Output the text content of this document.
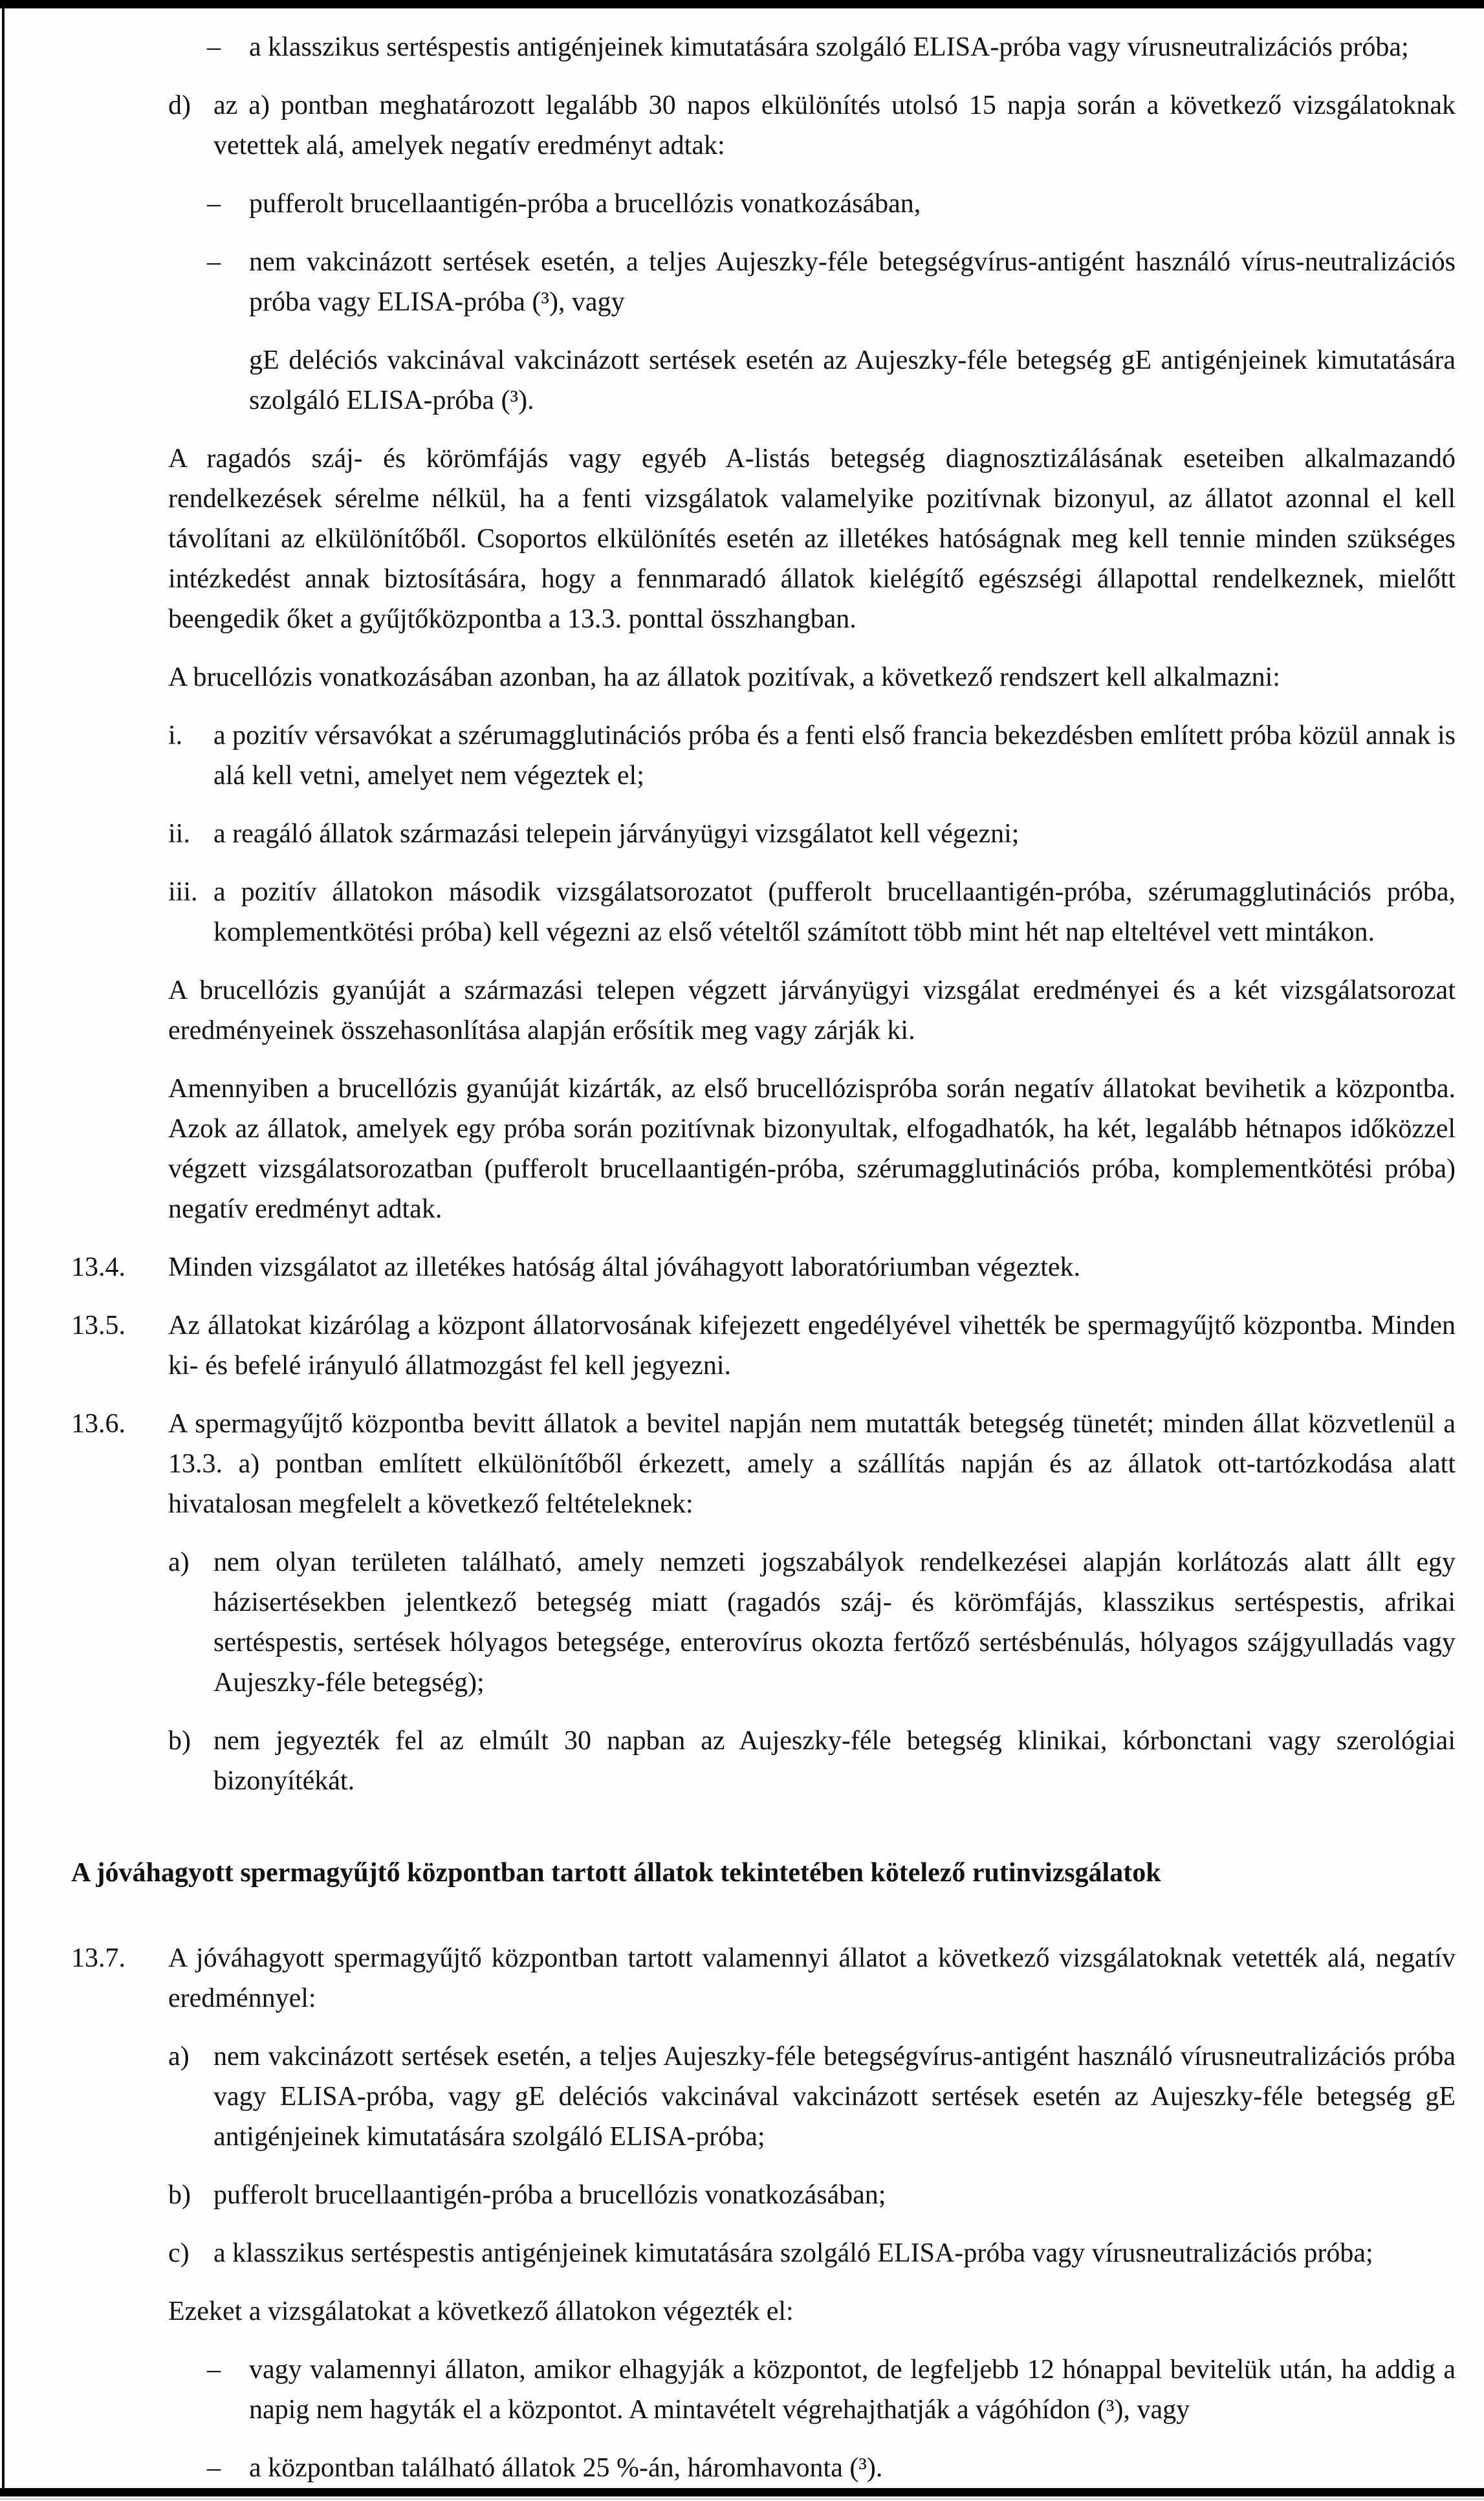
– a klasszikus sertéspestis antigénjeinek kimutatására szolgáló ELISA-próba vagy vírusneutralizációs próba;
d) az a) pontban meghatározott legalább 30 napos elkülönítés utolsó 15 napja során a következő vizsgálatoknak vetettek alá, amelyek negatív eredményt adtak:
– pufferolt brucellaantigén-próba a brucellózis vonatkozásában,
– nem vakcinázott sertések esetén, a teljes Aujeszky-féle betegségvírus-antigént használó vírus-neutralizációs próba vagy ELISA-próba (³), vagy
gE deléciós vakcinával vakcinázott sertések esetén az Aujeszky-féle betegség gE antigénjeinek kimutatására szolgáló ELISA-próba (³).
A ragadós száj- és körömfájás vagy egyéb A-listás betegség diagnosztizálásának eseteiben alkalmazandó rendelkezések sérelme nélkül, ha a fenti vizsgálatok valamelyike pozitívnak bizonyul, az állatot azonnal el kell távolítani az elkülönítőből. Csoportos elkülönítés esetén az illetékes hatóságnak meg kell tennie minden szükséges intézkedést annak biztosítására, hogy a fennmaradó állatok kielégítő egészségi állapottal rendelkeznek, mielőtt beengedik őket a gyűjtőközpontba a 13.3. ponttal összhangban.
A brucellózis vonatkozásában azonban, ha az állatok pozitívak, a következő rendszert kell alkalmazni:
i. a pozitív vérsavókat a szérumagglutinációs próba és a fenti első francia bekezdésben említett próba közül annak is alá kell vetni, amelyet nem végeztek el;
ii. a reagáló állatok származási telepein járványügyi vizsgálatot kell végezni;
iii. a pozitív állatokon második vizsgálatsorozatot (pufferolt brucellaantigén-próba, szérumagglutinációs próba, komplementkötési próba) kell végezni az első vételtől számított több mint hét nap elteltével vett mintákon.
A brucellózis gyanúját a származási telepen végzett járványügyi vizsgálat eredményei és a két vizsgálatsorozat eredményeinek összehasonlítása alapján erősítik meg vagy zárják ki.
Amennyiben a brucellózis gyanúját kizárták, az első brucellózispróba során negatív állatokat bevihetik a központba. Azok az állatok, amelyek egy próba során pozitívnak bizonyultak, elfogadhatók, ha két, legalább hétnapos időközzel végzett vizsgálatsorozatban (pufferolt brucellaantigén-próba, szérumagglutinációs próba, komplementkötési próba) negatív eredményt adtak.
13.4. Minden vizsgálatot az illetékes hatóság által jóváhagyott laboratóriumban végeztek.
13.5. Az állatokat kizárólag a központ állatorvosának kifejezett engedélyével vihették be spermagyűjtő központba. Minden ki- és befelé irányuló állatmozgást fel kell jegyezni.
13.6. A spermagyűjtő központba bevitt állatok a bevitel napján nem mutatták betegség tünetét; minden állat közvetlenül a 13.3. a) pontban említett elkülönítőből érkezett, amely a szállítás napján és az állatok ott-tartózkodása alatt hivatalosan megfelelt a következő feltételeknek:
a) nem olyan területen található, amely nemzeti jogszabályok rendelkezései alapján korlátozás alatt állt egy házisertésekben jelentkező betegség miatt (ragadós száj- és körömfájás, klasszikus sertéspestis, afrikai sertéspestis, sertések hólyagos betegsége, enterovírus okozta fertőző sertésbénulás, hólyagos szájgyulladás vagy Aujeszky-féle betegség);
b) nem jegyezték fel az elmúlt 30 napban az Aujeszky-féle betegség klinikai, kórbonctani vagy szerológiai bizonyítékát.
A jóváhagyott spermagyűjtő központban tartott állatok tekintetében kötelező rutinvizsgálatok
13.7. A jóváhagyott spermagyűjtő központban tartott valamennyi állatot a következő vizsgálatoknak vetették alá, negatív eredménnyel:
a) nem vakcinázott sertések esetén, a teljes Aujeszky-féle betegségvírus-antigént használó vírusneutralizációs próba vagy ELISA-próba, vagy gE deléciós vakcinával vakcinázott sertések esetén az Aujeszky-féle betegség gE antigénjeinek kimutatására szolgáló ELISA-próba;
b) pufferolt brucellaantigén-próba a brucellózis vonatkozásában;
c) a klasszikus sertéspestis antigénjeinek kimutatására szolgáló ELISA-próba vagy vírusneutralizációs próba;
Ezeket a vizsgálatokat a következő állatokon végezték el:
– vagy valamennyi állaton, amikor elhagyják a központot, de legfeljebb 12 hónappal bevitelük után, ha addig a napig nem hagyták el a központot. A mintavételt végrehajthatják a vágóhídon (³), vagy
– a központban található állatok 25 %-án, háromhavonta (³).
